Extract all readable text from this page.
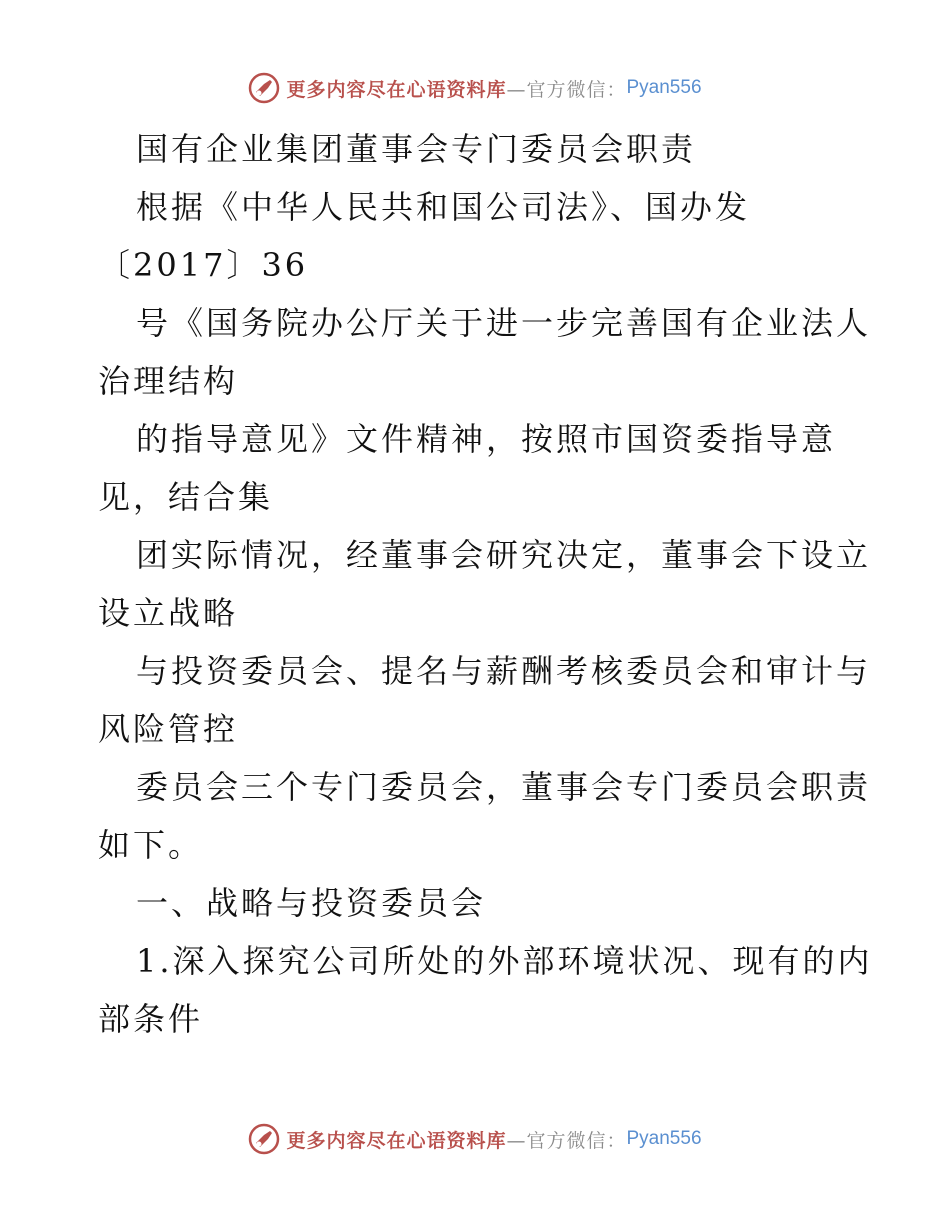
更多内容尽在心语资料库 —官方微信： Pyan556
国有企业集团董事会专门委员会职责
根据《中华人民共和国公司法》、国办发
〔2017〕36
号《国务院办公厅关于进一步完善国有企业法人
治理结构
的指导意见》文件精神，按照市国资委指导意
见，结合集
团实际情况，经董事会研究决定，董事会下设立
设立战略
与投资委员会、提名与薪酬考核委员会和审计与
风险管控
委员会三个专门委员会，董事会专门委员会职责
如下。
一、战略与投资委员会
1.深入探究公司所处的外部环境状况、现有的内
部条件
更多内容尽在心语资料库 —官方微信： Pyan556
